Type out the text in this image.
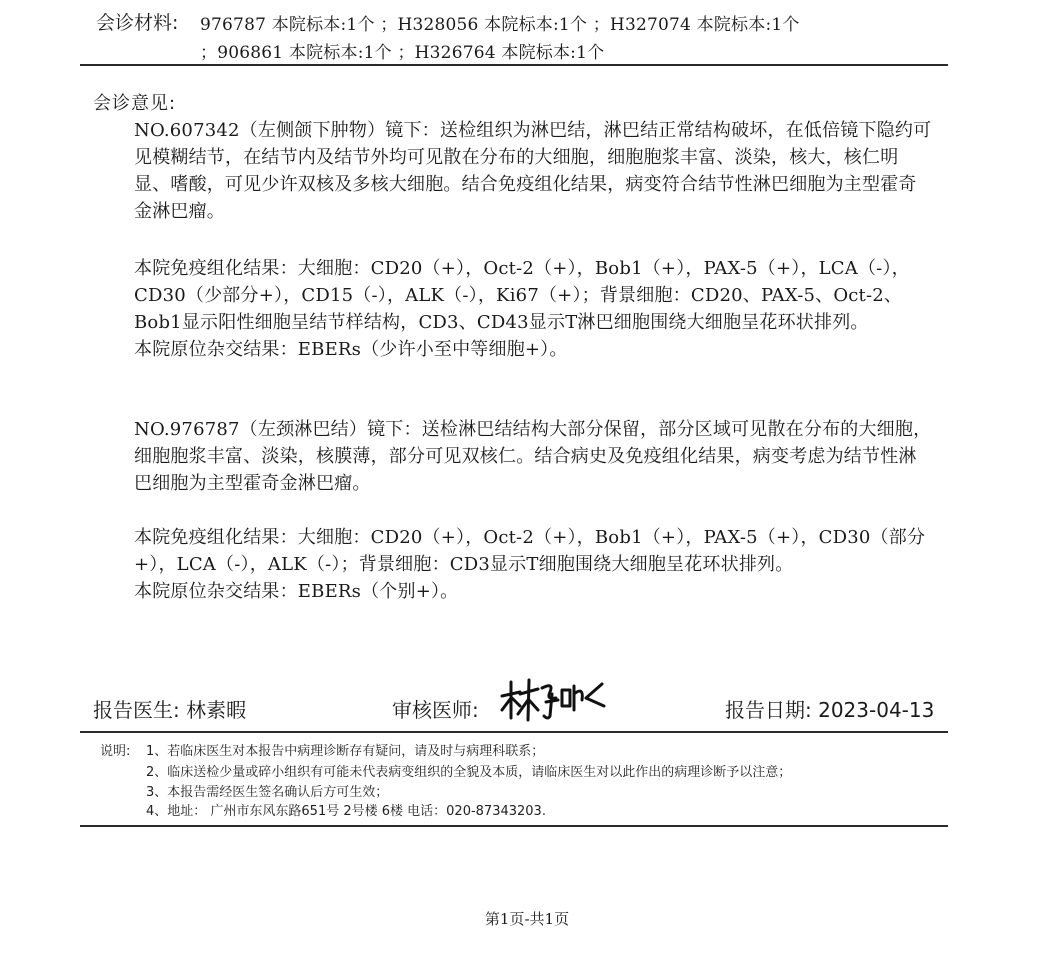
会诊材料: 976787 本院标本:1个 ；H328056 本院标本:1个 ；H327074 本院标本:1个
；906861 本院标本:1个 ；H326764 本院标本:1个
会诊意见:

NO.607342（左侧颌下肿物）镜下：送检组织为淋巴结，淋巴结正常结构破坏，在低倍镜下隐约可见模糊结节，在结节内及结节外均可见散在分布的大细胞，细胞胞浆丰富、淡染，核大，核仁明显、嗜酸，可见少许双核及多核大细胞。结合免疫组化结果，病变符合结节性淋巴细胞为主型霍奇金淋巴瘤。

本院免疫组化结果：大细胞：CD20（+），Oct-2（+），Bob1（+），PAX-5（+），LCA（-），CD30（少部分+），CD15（-），ALK（-），Ki67（+）；背景细胞：CD20、PAX-5、Oct-2、Bob1显示阳性细胞呈结节样结构，CD3、CD43显示T淋巴细胞围绕大细胞呈花环状排列。

本院原位杂交结果：EBERs（少许小至中等细胞+）。

NO.976787（左颈淋巴结）镜下：送检淋巴结结构大部分保留，部分区域可见散在分布的大细胞，细胞胞浆丰富、淡染，核膜薄，部分可见双核仁。结合病史及免疫组化结果，病变考虑为结节性淋巴细胞为主型霍奇金淋巴瘤。

本院免疫组化结果：大细胞：CD20（+），Oct-2（+），Bob1（+），PAX-5（+），CD30（部分+），LCA（-），ALK（-）；背景细胞：CD3显示T细胞围绕大细胞呈花环状排列。

本院原位杂交结果：EBERs（个别+）。

报告医生: 林素暇	审核医师:	报告日期: 2023-04-13
说明: 1、若临床医生对本报告中病理诊断存有疑问，请及时与病理科联系；
2、临床送检少量或碎小组织有可能未代表病变组织的全貌及本质，请临床医生对以此作出的病理诊断予以注意；
3、本报告需经医生签名确认后方可生效；
4、地址： 广州市东风东路651号 2号楼 6楼 电话：020-87343203.
第1页-共1页
